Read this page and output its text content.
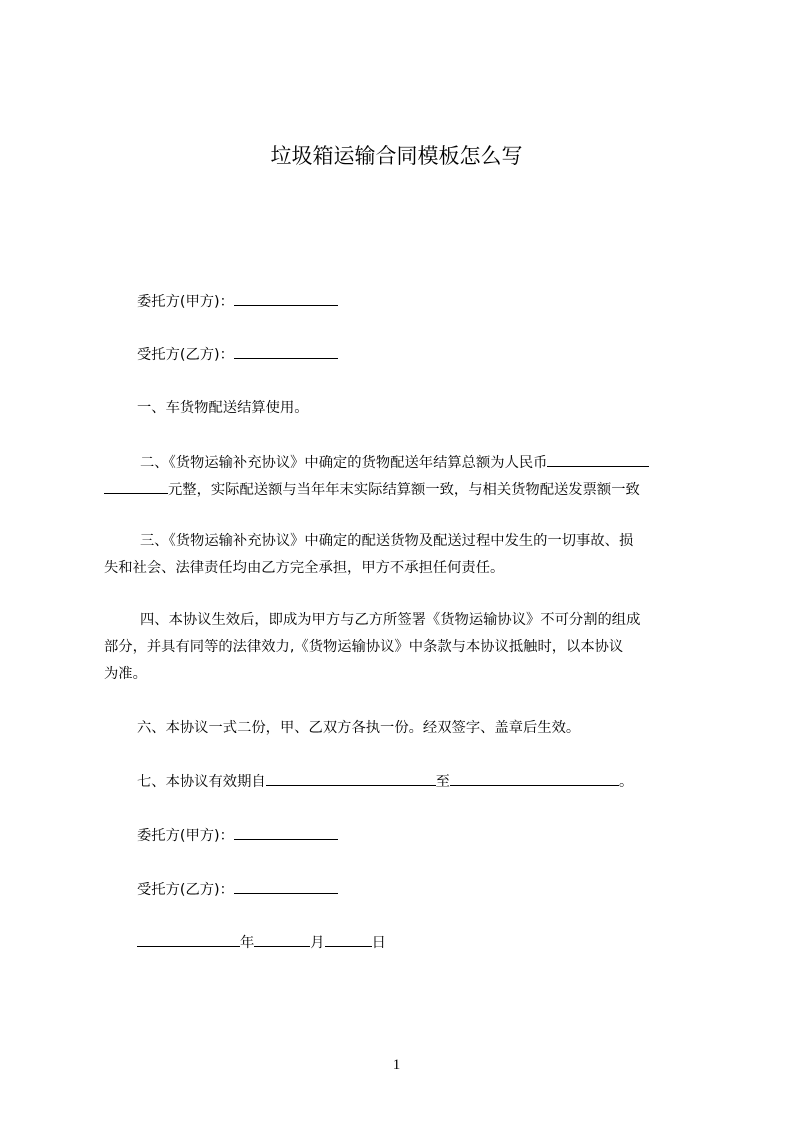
垃圾箱运输合同模板怎么写
委托方(甲方)：
受托方(乙方)：
一、车货物配送结算使用。
二、《货物运输补充协议》中确定的货物配送年结算总额为人民币
元整，实际配送额与当年年末实际结算额一致，与相关货物配送发票额一致
三、《货物运输补充协议》中确定的配送货物及配送过程中发生的一切事故、损
失和社会、法律责任均由乙方完全承担，甲方不承担任何责任。
四、本协议生效后，即成为甲方与乙方所签署《货物运输协议》不可分割的组成
部分，并具有同等的法律效力,《货物运输协议》中条款与本协议抵触时，以本协议
为准。
六、本协议一式二份，甲、乙双方各执一份。经双签字、盖章后生效。
七、本协议有效期自	至	。
委托方(甲方)：
受托方(乙方)：
年	月	日
1
